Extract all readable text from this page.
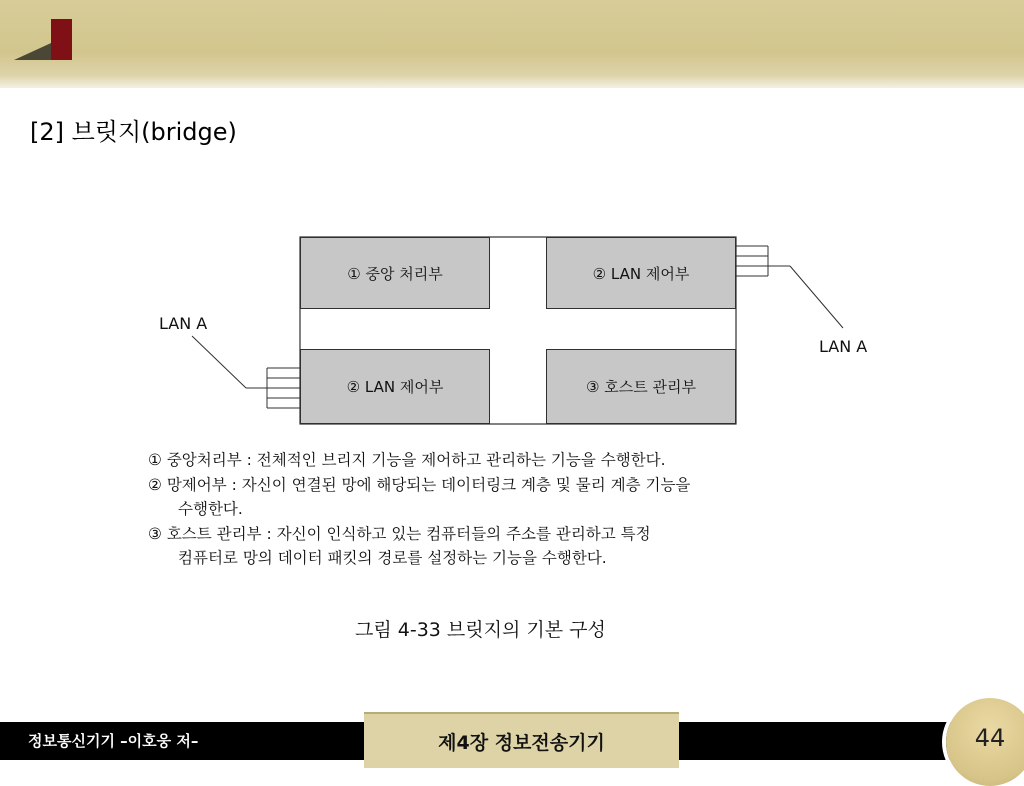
[2] 브릿지(bridge)
① 중앙 처리부	② LAN 제어부
② LAN 제어부	③ 호스트 관리부
LAN A
LAN A
① 중앙처리부 : 전체적인 브리지 기능을 제어하고 관리하는 기능을 수행한다.
② 망제어부 : 자신이 연결된 망에 해당되는 데이터링크 계층 및 물리 계층 기능을
수행한다.
③ 호스트 관리부 : 자신이 인식하고 있는 컴퓨터들의 주소를 관리하고 특정
컴퓨터로 망의 데이터 패킷의 경로를 설정하는 기능을 수행한다.
그림 4-33 브릿지의 기본 구성
정보통신기기 –이호웅 저–	제4장 정보전송기기	44
